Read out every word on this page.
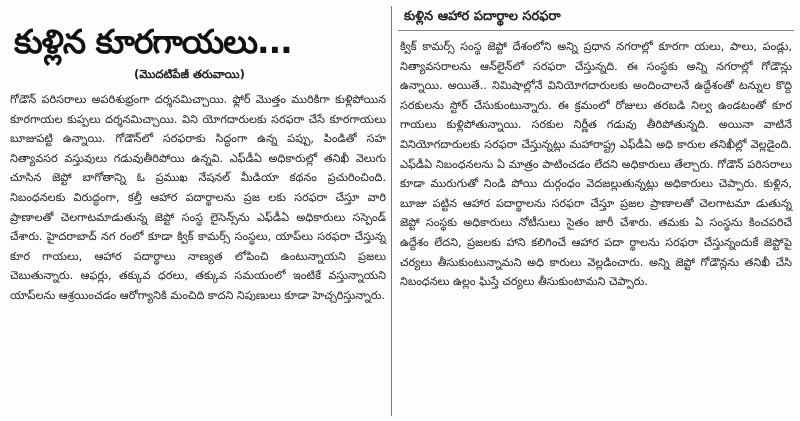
కుళ్లిన కూరగాయలు...
(మొదటిపేజీ తరువాయి)
గోడౌన్ పరిసరాలు అపరిశుభ్రంగా దర్శనమిచ్చాయి. ఫ్లోర్ మొత్తం మురికిగా కుళ్లిపోయిన కూరగాయల కుప్పలు దర్శనమిచ్చాయి. విని యోగదారులకు సరఫరా చేసే కూరగాయలు బూజుపట్టి ఉన్నాయి. గోడౌన్‌లో సరఫరాకు సిద్ధంగా ఉన్న పప్పు, పిండితో సహ నిత్యావసర వస్తువులు గడువుతీరిపోయి ఉన్నవి. ఎఫ్‌డీఏ అధికారుల్లో తనిఖీ వెలుగు చూసిన జెప్టో బాగోతాన్ని ఓ ప్రముఖ నేషనల్ మీడియా కథనం ప్రచురించింది. నిబంధనలకు విరుద్ధంగా, కల్తీ ఆహార పదార్థాలను ప్రజ లకు సరఫరా చేస్తూ వారి ప్రాణాలతో చెలగాటమాడుతున్న జెప్టో సంస్థ లైసెన్స్‌ను ఎఫ్‌డీఏ అధికారులు సస్పెండ్ చేశారు. హైదరాబాద్ నగ రంలో కూడా క్విక్ కామర్స్ సంస్థలు, యాప్‌లు సరఫరా చేస్తున్న కూర గాయలు, ఆహార పదార్థాలు నాణ్యత లోపించి ఉంటున్నాయని ప్రజలు చెబుతున్నారు. ఆఫర్లు, తక్కువ ధరలు, తక్కువ సమయంలో ఇంటికే వస్తున్నాయని యాప్‌లను ఆశ్రయించడం ఆరోగ్యానికి మంచిది కాదని నిపుణులు కూడా హెచ్చరిస్తున్నారు.
కుళ్లిన ఆహార పదార్థాల సరఫరా
క్విక్ కామర్స్ సంస్థ జెప్టో దేశంలోని అన్ని ప్రధాన నగరాల్లో కూరగా యలు, పాలు, పండ్లు, నిత్యావసరాలను ఆన్‌లైన్‌లో సరఫరా చేస్తున్నది. ఈ సంస్థకు అన్ని నగరాల్లో గోడౌన్లు ఉన్నాయి. అయితే.. నిమిషాల్లోనే వినియోగదారులకు అందించాలనే ఉద్దేశంతో టన్నుల కొద్ది సరకులను స్టోర్ చేసుకుంటున్నారు. ఈ క్రమంలో రోజులు తరబడి నిల్వ ఉండటంతో కూర గాయలు కుళ్లిపోతున్నాయి. సరకుల నిర్ణీత గడువు తీరిపోతున్నది. అయినా వాటినే వినియోగదారులకు సరఫరా చేస్తున్నట్లు మహారాష్ట్ర ఎఫ్‌డీఏ అధి కారుల తనిఖీల్లో వెల్లడైంది. ఎఫ్‌డీఏ నిబంధనలను ఏ మాత్రం పాటించడం లేదని అధికారులు తేల్చారు. గోడౌన్ పరిసరాలు కూడా మురుగుతో నిండి పోయి దుర్గంధం వెదజల్లుతున్నట్లు అధికారులు చెప్పారు. కుళ్లిన, బూజు పట్టిన ఆహార పదార్థాలను సరఫరా చేస్తూ ప్రజల ప్రాణాలతో చెలగాటమా డుతున్న జెప్టో సంస్థకు అధికారులు నోటీసులు సైతం జారీ చేశారు. తమకు ఏ సంస్థను కించపరిచే ఉద్దేశం లేదని, ప్రజలకు హాని కలిగించే ఆహార పదా ర్థాలను సరఫరా చేస్తున్నందుకే జెప్టోపై చర్యలు తీసుకుంటున్నామని అధి కారులు వెల్లడించారు. అన్ని జెప్టో గోడౌన్లను తనిఖీ చేసి నిబంధనలు ఉల్లం ఘిస్తే చర్యలు తీసుకుంటామని చెప్పారు.
